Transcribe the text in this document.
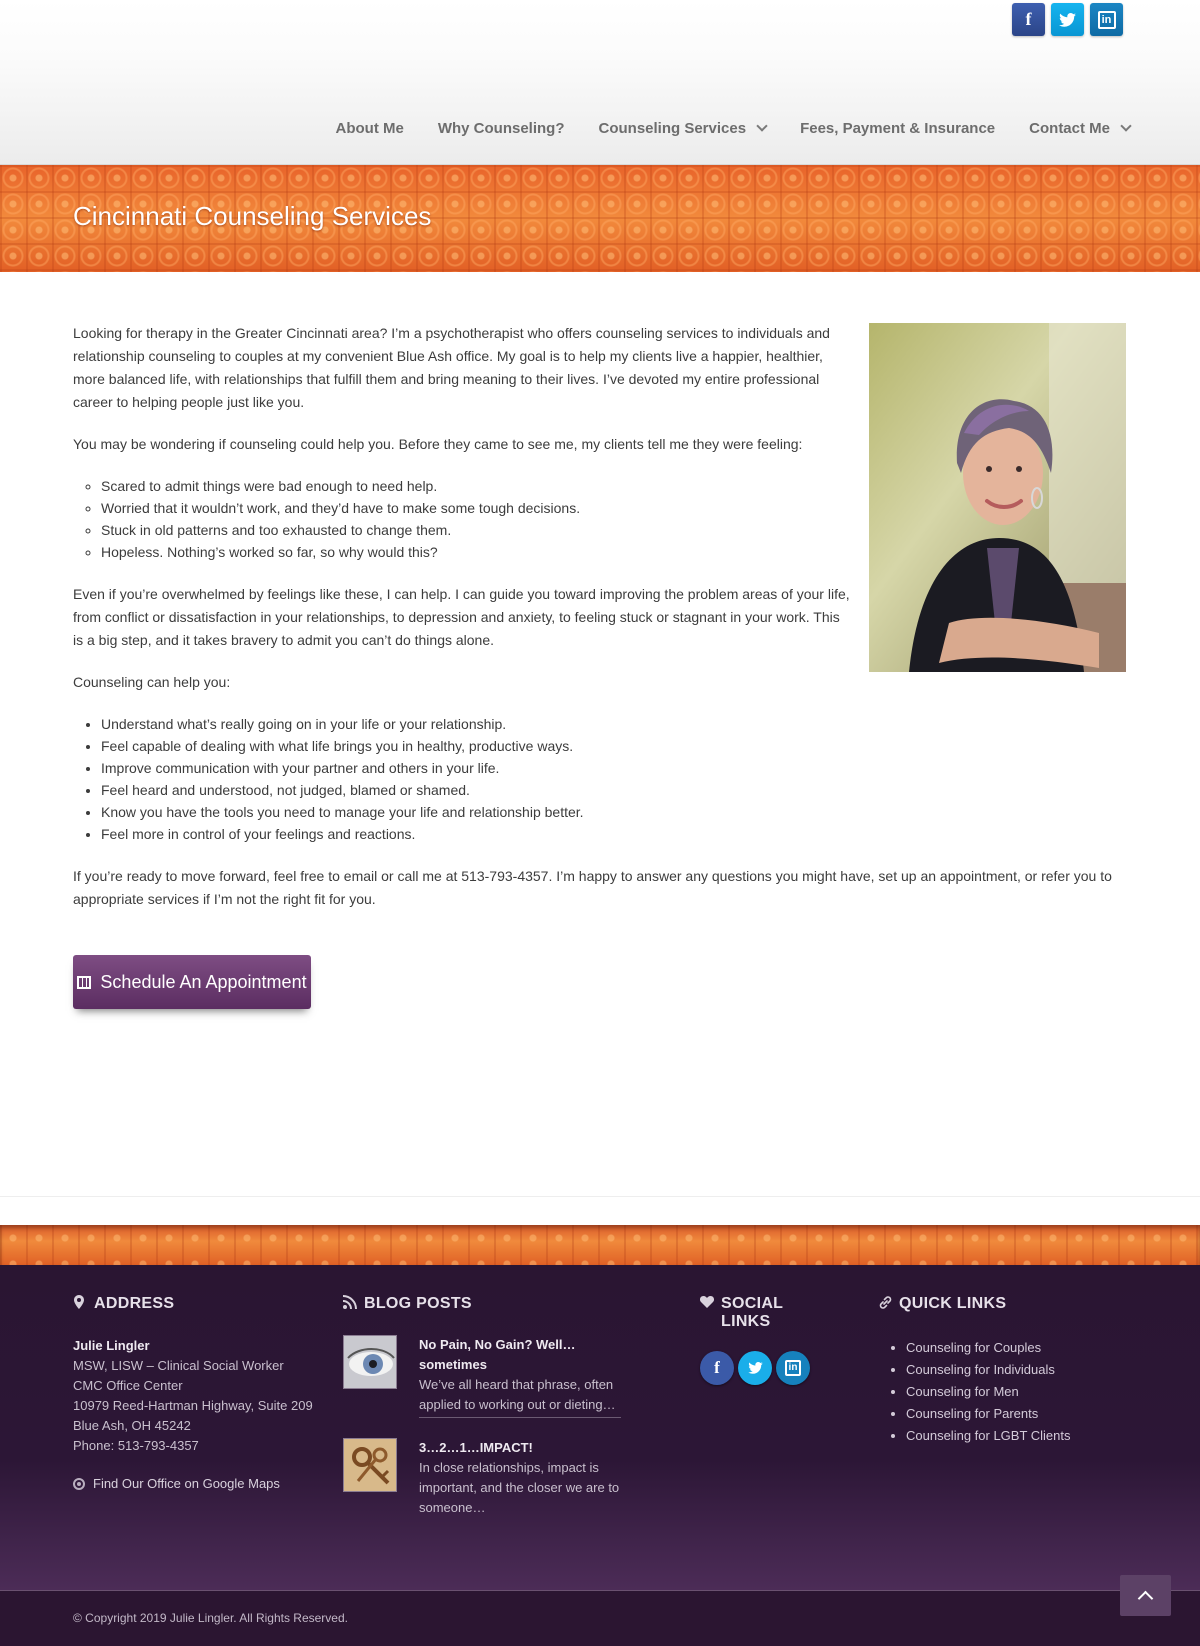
f	in
About Me Why Counseling? Counseling Services	Fees, Payment & Insurance Contact Me
Cincinnati Counseling Services

Looking for therapy in the Greater Cincinnati area? I’m a psychotherapist who offers counseling services to individuals and relationship counseling to couples at my convenient Blue Ash office. My goal is to help my clients live a happier, healthier, more balanced life, with relationships that fulfill them and bring meaning to their lives. I’ve devoted my entire professional career to helping people just like you.

You may be wondering if counseling could help you. Before they came to see me, my clients tell me they were feeling:

◦ Scared to admit things were bad enough to need help.
◦ Worried that it wouldn’t work, and they’d have to make some tough decisions.
◦ Stuck in old patterns and too exhausted to change them.
◦ Hopeless. Nothing’s worked so far, so why would this?

Even if you’re overwhelmed by feelings like these, I can help. I can guide you toward improving the problem areas of your life, from conflict or dissatisfaction in your relationships, to depression and anxiety, to feeling stuck or stagnant in your work. This is a big step, and it takes bravery to admit you can’t do things alone.

Counseling can help you:

• Understand what’s really going on in your life or your relationship.
• Feel capable of dealing with what life brings you in healthy, productive ways.
• Improve communication with your partner and others in your life.
• Feel heard and understood, not judged, blamed or shamed.
• Know you have the tools you need to manage your life and relationship better.
• Feel more in control of your feelings and reactions.

If you’re ready to move forward, feel free to email or call me at 513-793-4357. I’m happy to answer any questions you might have, set up an appointment, or refer you to appropriate services if I’m not the right fit for you.

Schedule An Appointment
ADDRESS
Julie Lingler
MSW, LISW – Clinical Social Worker
CMC Office Center
10979 Reed-Hartman Highway, Suite 209
Blue Ash, OH 45242
Phone: 513-793-4357
Find Our Office on Google Maps
BLOG POSTS
No Pain, No Gain? Well… sometimes
We’ve all heard that phrase, often applied to working out or dieting…
3…2…1…IMPACT!
In close relationships, impact is important, and the closer we are to someone…
SOCIAL LINKS
f	in
QUICK LINKS
• Counseling for Couples
• Counseling for Individuals
• Counseling for Men
• Counseling for Parents
• Counseling for LGBT Clients
© Copyright 2019 Julie Lingler. All Rights Reserved.
